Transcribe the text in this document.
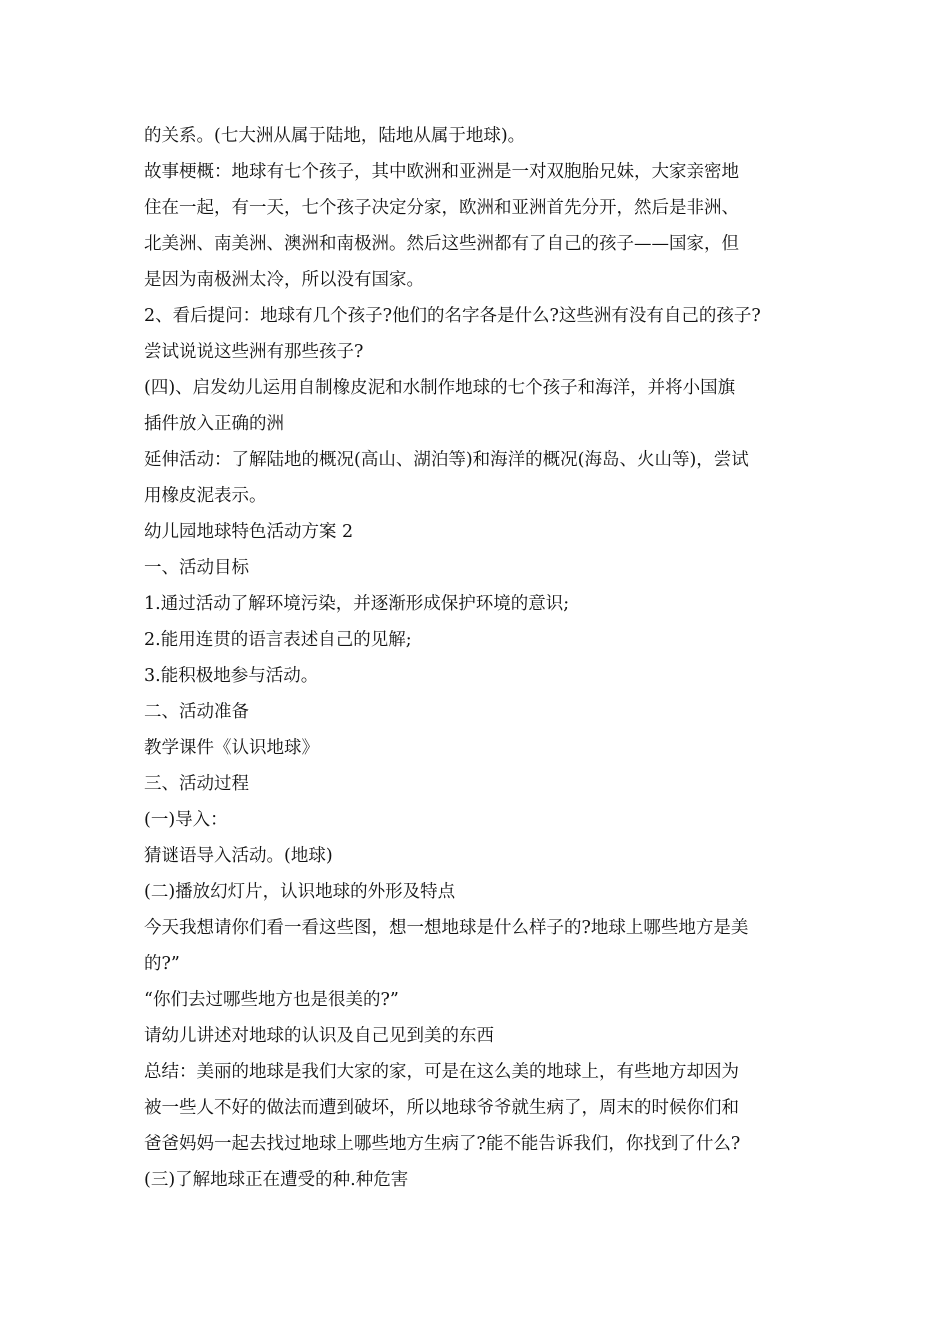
的关系。(七大洲从属于陆地，陆地从属于地球)。

故事梗概：地球有七个孩子，其中欧洲和亚洲是一对双胞胎兄妹，大家亲密地

住在一起，有一天，七个孩子决定分家，欧洲和亚洲首先分开，然后是非洲、

北美洲、南美洲、澳洲和南极洲。然后这些洲都有了自己的孩子——国家，但

是因为南极洲太冷，所以没有国家。

2、看后提问：地球有几个孩子?他们的名字各是什么?这些洲有没有自己的孩子?

尝试说说这些洲有那些孩子?

(四)、启发幼儿运用自制橡皮泥和水制作地球的七个孩子和海洋，并将小国旗

插件放入正确的洲

延伸活动：了解陆地的概况(高山、湖泊等)和海洋的概况(海岛、火山等)，尝试

用橡皮泥表示。

幼儿园地球特色活动方案 2

一、活动目标

1.通过活动了解环境污染，并逐渐形成保护环境的意识;

2.能用连贯的语言表述自己的见解;

3.能积极地参与活动。

二、活动准备

教学课件《认识地球》

三、活动过程

(一)导入：

猜谜语导入活动。(地球)

(二)播放幻灯片，认识地球的外形及特点

今天我想请你们看一看这些图，想一想地球是什么样子的?地球上哪些地方是美

的?”

“你们去过哪些地方也是很美的?”

请幼儿讲述对地球的认识及自己见到美的东西

总结：美丽的地球是我们大家的家，可是在这么美的地球上，有些地方却因为

被一些人不好的做法而遭到破坏，所以地球爷爷就生病了，周末的时候你们和

爸爸妈妈一起去找过地球上哪些地方生病了?能不能告诉我们，你找到了什么?

(三)了解地球正在遭受的种.种危害
